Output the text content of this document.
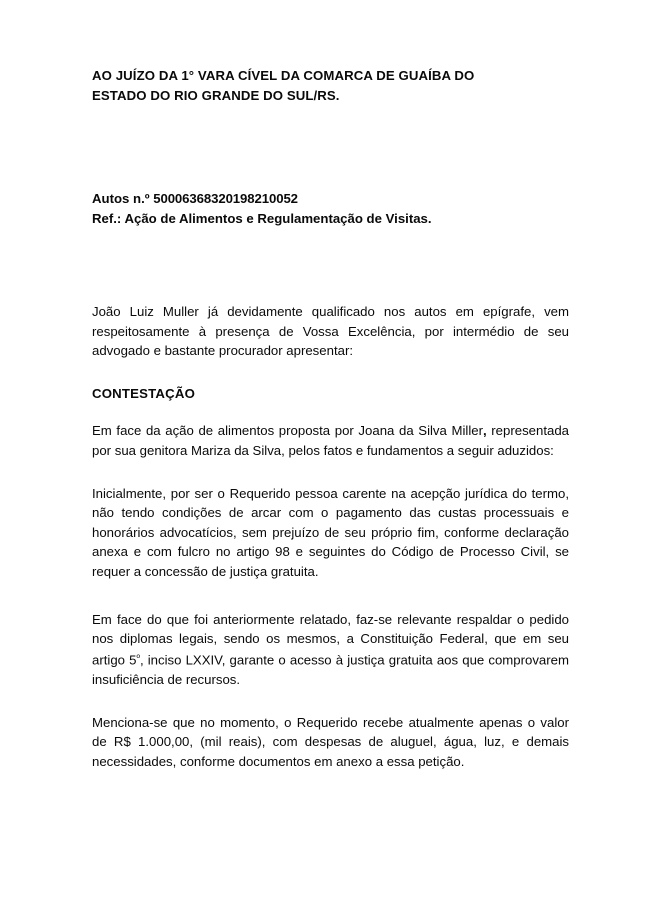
AO JUÍZO DA 1° VARA CÍVEL DA COMARCA DE GUAÍBA DO
ESTADO DO RIO GRANDE DO SUL/RS.
Autos n.º 50006368320198210052
Ref.: Ação de Alimentos e Regulamentação de Visitas.

João Luiz Muller já devidamente qualificado nos autos em epígrafe, vem respeitosamente à presença de Vossa Excelência, por intermédio de seu advogado e bastante procurador apresentar:

CONTESTAÇÃO

Em face da ação de alimentos proposta por Joana da Silva Miller, representada por sua genitora Mariza da Silva, pelos fatos e fundamentos a seguir aduzidos:

Inicialmente, por ser o Requerido pessoa carente na acepção jurídica do termo, não tendo condições de arcar com o pagamento das custas processuais e honorários advocatícios, sem prejuízo de seu próprio fim, conforme declaração anexa e com fulcro no artigo 98 e seguintes do Código de Processo Civil, se requer a concessão de justiça gratuita.

Em face do que foi anteriormente relatado, faz-se relevante respaldar o pedido nos diplomas legais, sendo os mesmos, a Constituição Federal, que em seu artigo $5^º$, inciso LXXIV, garante o acesso à justiça gratuita aos que comprovarem insuficiência de recursos.

Menciona-se que no momento, o Requerido recebe atualmente apenas o valor de R$ 1.000,00, (mil reais), com despesas de aluguel, água, luz, e demais necessidades, conforme documentos em anexo a essa petição.
